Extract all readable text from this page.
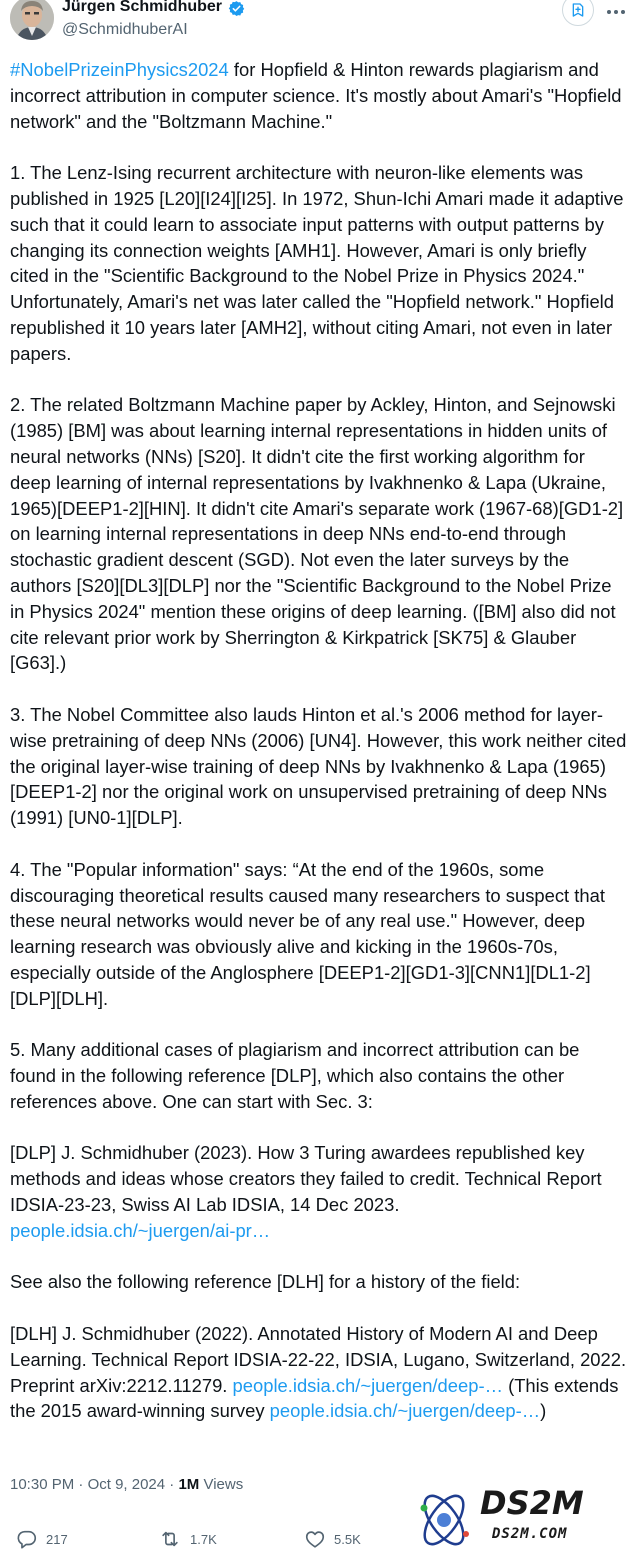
Jürgen Schmidhuber
@SchmidhuberAI

#NobelPrizeinPhysics2024 for Hopfield & Hinton rewards plagiarism and incorrect attribution in computer science. It's mostly about Amari's "Hopfield network" and the "Boltzmann Machine."

1. The Lenz-Ising recurrent architecture with neuron-like elements was published in 1925 [L20][I24][I25]. In 1972, Shun-Ichi Amari made it adaptive such that it could learn to associate input patterns with output patterns by changing its connection weights [AMH1]. However, Amari is only briefly cited in the "Scientific Background to the Nobel Prize in Physics 2024." Unfortunately, Amari's net was later called the "Hopfield network." Hopfield republished it 10 years later [AMH2], without citing Amari, not even in later papers.

2. The related Boltzmann Machine paper by Ackley, Hinton, and Sejnowski (1985) [BM] was about learning internal representations in hidden units of neural networks (NNs) [S20]. It didn't cite the first working algorithm for deep learning of internal representations by Ivakhnenko & Lapa (Ukraine, 1965)[DEEP1-2][HIN]. It didn't cite Amari's separate work (1967-68)[GD1-2] on learning internal representations in deep NNs end-to-end through stochastic gradient descent (SGD). Not even the later surveys by the authors [S20][DL3][DLP] nor the "Scientific Background to the Nobel Prize in Physics 2024" mention these origins of deep learning. ([BM] also did not cite relevant prior work by Sherrington & Kirkpatrick [SK75] & Glauber [G63].)

3. The Nobel Committee also lauds Hinton et al.'s 2006 method for layer-wise pretraining of deep NNs (2006) [UN4]. However, this work neither cited the original layer-wise training of deep NNs by Ivakhnenko & Lapa (1965)[DEEP1-2] nor the original work on unsupervised pretraining of deep NNs (1991) [UN0-1][DLP].

4. The "Popular information" says: “At the end of the 1960s, some discouraging theoretical results caused many researchers to suspect that these neural networks would never be of any real use." However, deep learning research was obviously alive and kicking in the 1960s-70s, especially outside of the Anglosphere [DEEP1-2][GD1-3][CNN1][DL1-2][DLP][DLH].

5. Many additional cases of plagiarism and incorrect attribution can be found in the following reference [DLP], which also contains the other references above. One can start with Sec. 3:

[DLP] J. Schmidhuber (2023). How 3 Turing awardees republished key methods and ideas whose creators they failed to credit. Technical Report IDSIA-23-23, Swiss AI Lab IDSIA, 14 Dec 2023. people.idsia.ch/~juergen/ai-pr…

See also the following reference [DLH] for a history of the field:

[DLH] J. Schmidhuber (2022). Annotated History of Modern AI and Deep Learning. Technical Report IDSIA-22-22, IDSIA, Lugano, Switzerland, 2022. Preprint arXiv:2212.11279. people.idsia.ch/~juergen/deep-… (This extends the 2015 award-winning survey people.idsia.ch/~juergen/deep-…)

10:30 PM · Oct 9, 2024 · 1M Views
217	1.7K	5.5K
DS2M
DS2M.COM
